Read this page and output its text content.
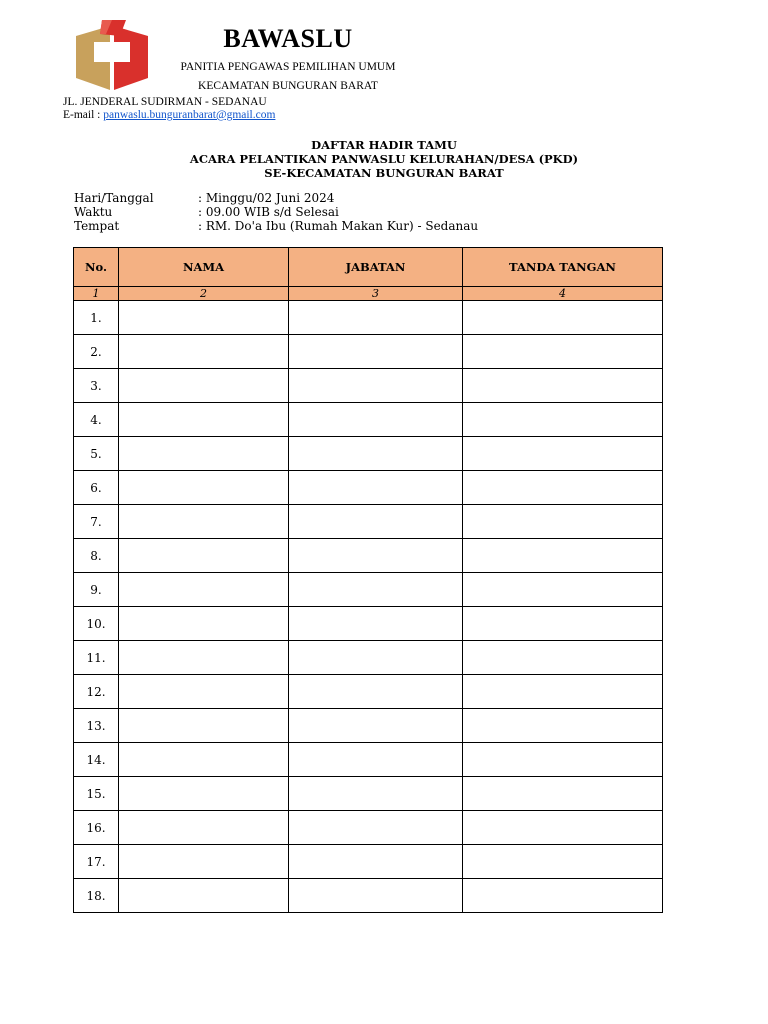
BAWASLU
PANITIA PENGAWAS PEMILIHAN UMUM
KECAMATAN BUNGURAN BARAT
JL. JENDERAL SUDIRMAN - SEDANAU
E-mail : panwaslu.bunguranbarat@gmail.com
DAFTAR HADIR TAMU
ACARA PELANTIKAN PANWASLU KELURAHAN/DESA (PKD)
SE-KECAMATAN BUNGURAN BARAT
Hari/Tanggal	: Minggu/02 Juni 2024
Waktu	: 09.00 WIB s/d Selesai
Tempat	: RM. Do'a Ibu (Rumah Makan Kur) - Sedanau
No.	NAMA	JABATAN	TANDA TANGAN
1	2	3	4
1.			
2.			
3.			
4.			
5.			
6.			
7.			
8.			
9.			
10.			
11.			
12.			
13.			
14.			
15.			
16.			
17.			
18.			
